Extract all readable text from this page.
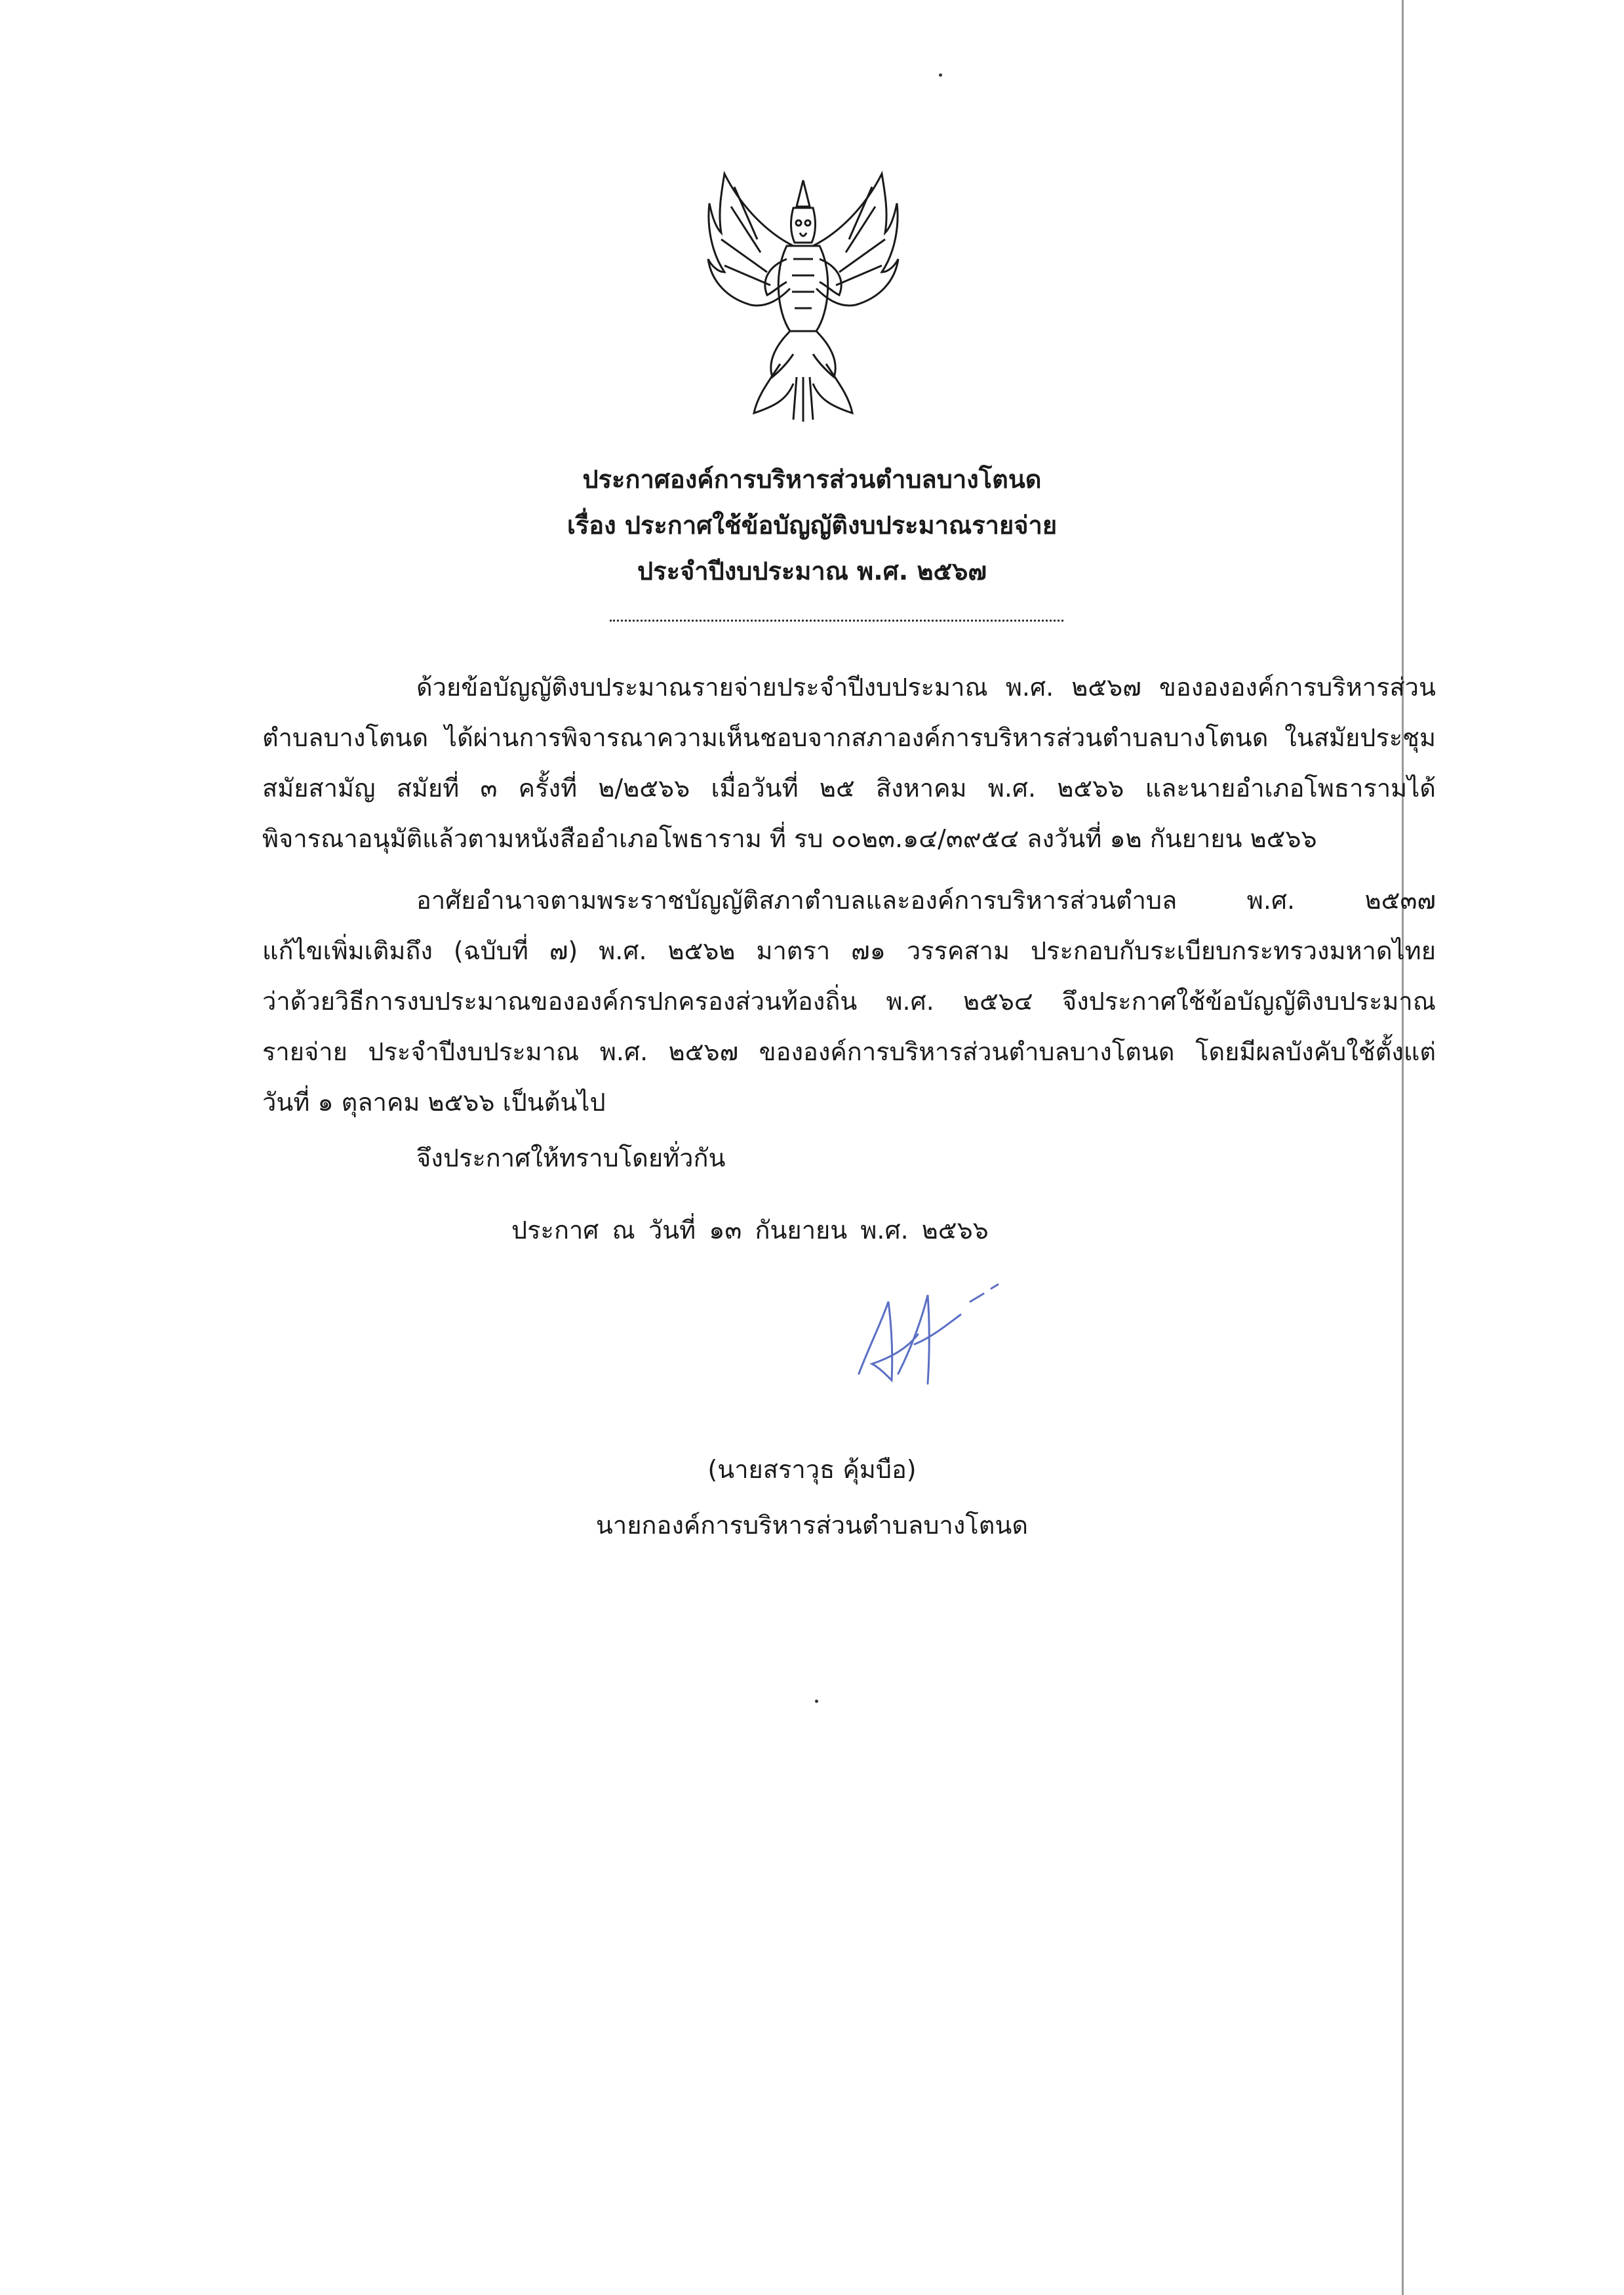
ประกาศองค์การบริหารส่วนตำบลบางโตนด
เรื่อง ประกาศใช้ข้อบัญญัติงบประมาณรายจ่าย
ประจำปีงบประมาณ พ.ศ. ๒๕๖๗
ด้วยข้อบัญญัติงบประมาณรายจ่ายประจำปีงบประมาณ พ.ศ. ๒๕๖๗ ของององค์การบริหารส่วน
ตำบลบางโตนด ได้ผ่านการพิจารณาความเห็นชอบจากสภาองค์การบริหารส่วนตำบลบางโตนด ในสมัยประชุม
สมัยสามัญ สมัยที่ ๓ ครั้งที่ ๒/๒๕๖๖ เมื่อวันที่ ๒๕ สิงหาคม พ.ศ. ๒๕๖๖ และนายอำเภอโพธารามได้
พิจารณาอนุมัติแล้วตามหนังสืออำเภอโพธาราม ที่ รบ ๐๐๒๓.๑๔/๓๙๕๔ ลงวันที่ ๑๒ กันยายน ๒๕๖๖
อาศัยอำนาจตามพระราชบัญญัติสภาตำบลและองค์การบริหารส่วนตำบล พ.ศ. ๒๕๓๗
แก้ไขเพิ่มเติมถึง (ฉบับที่ ๗) พ.ศ. ๒๕๖๒ มาตรา ๗๑ วรรคสาม ประกอบกับระเบียบกระทรวงมหาดไทย
ว่าด้วยวิธีการงบประมาณขององค์กรปกครองส่วนท้องถิ่น พ.ศ. ๒๕๖๔ จึงประกาศใช้ข้อบัญญัติงบประมาณ
รายจ่าย ประจำปีงบประมาณ พ.ศ. ๒๕๖๗ ขององค์การบริหารส่วนตำบลบางโตนด โดยมีผลบังคับใช้ตั้งแต่
วันที่ ๑ ตุลาคม ๒๕๖๖ เป็นต้นไป
จึงประกาศให้ทราบโดยทั่วกัน
ประกาศ ณ วันที่ ๑๓ กันยายน พ.ศ. ๒๕๖๖
(นายสราวุธ คุ้มบือ)
นายกองค์การบริหารส่วนตำบลบางโตนด
